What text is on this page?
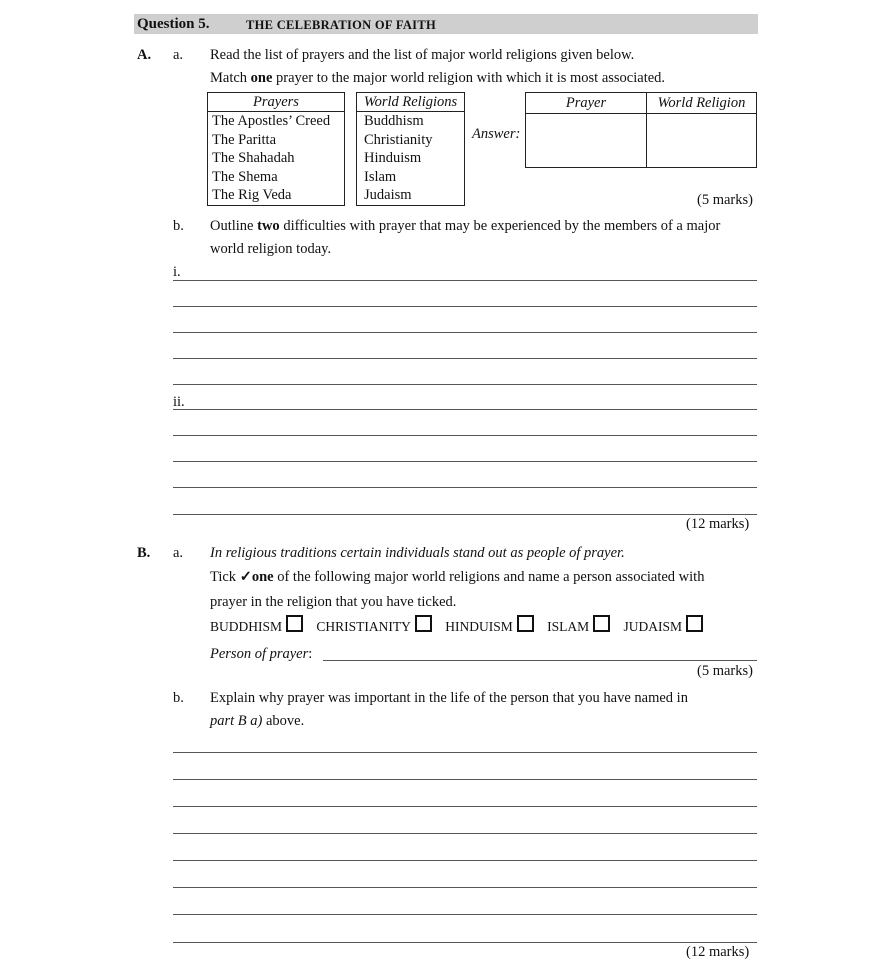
Question 5.	THE CELEBRATION OF FAITH
A. a. Read the list of prayers and the list of major world religions given below.
Match one prayer to the major world religion with which it is most associated.
Prayers
The Apostles’ Creed
The Paritta
The Shahadah
The Shema
The Rig Veda
World Religions
Buddhism
Christianity
Hinduism
Islam
Judaism
Answer:
Prayer	World Religion

(5 marks)
b. Outline two difficulties with prayer that may be experienced by the members of a major
world religion today.
i.
ii.
(12 marks)
B. a. In religious traditions certain individuals stand out as people of prayer.
Tick ✓one of the following major world religions and name a person associated with
prayer in the religion that you have ticked.
BUDDHISM	CHRISTIANITY	HINDUISM	ISLAM	JUDAISM
Person of prayer:
(5 marks)
b. Explain why prayer was important in the life of the person that you have named in
part B a) above.
(12 marks)
